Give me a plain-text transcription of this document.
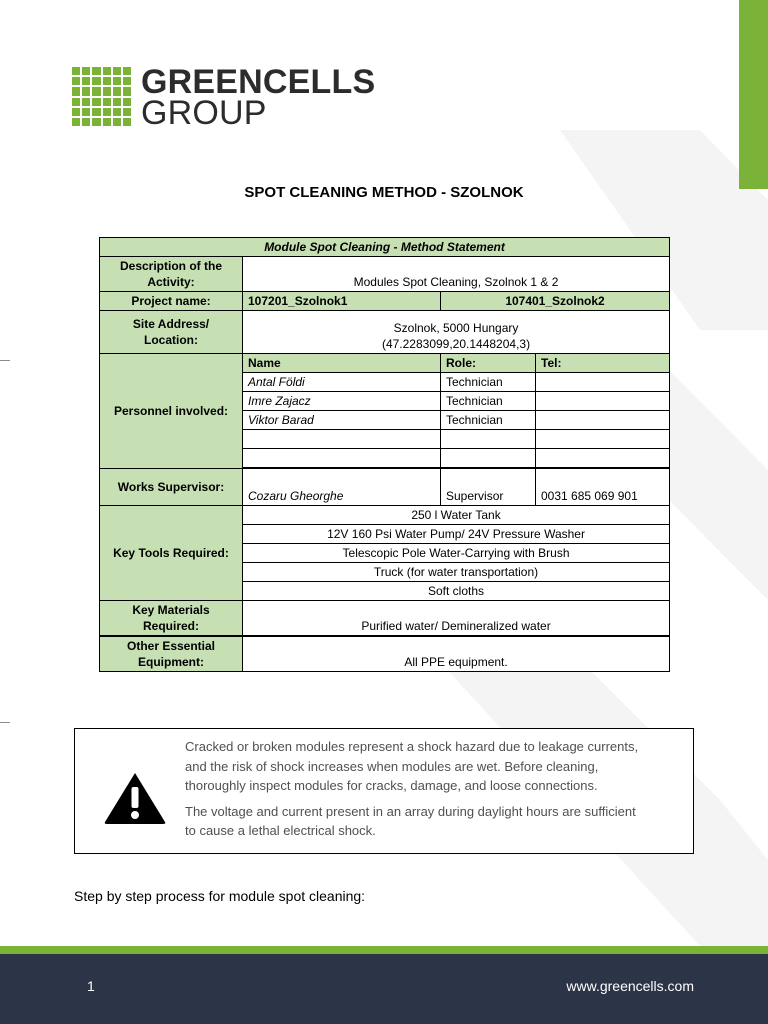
GREENCELLS
GROUP
SPOT CLEANING METHOD - SZOLNOK
Module Spot Cleaning - Method Statement			
Description of the Activity:	Modules Spot Cleaning, Szolnok 1 & 2		
Project name:	107201_Szolnok1	107401_Szolnok2	
Site Address/ Location:	Szolnok, 5000 Hungary
(47.2283099,20.1448204,3)		

Personnel involved:	Name	Role:	Tel:
	Antal Földi	Technician	
	Imre Zajacz	Technician	
	Viktor Barad	Technician	

Works Supervisor:	Cozaru Gheorghe	Supervisor	0031 685 069 901
Key Tools Required:	250 l Water Tank		
	12V 160 Psi Water Pump/ 24V Pressure Washer		
	Telescopic Pole Water-Carrying with Brush		
	Truck (for water transportation)		
	Soft cloths		
Key Materials Required:	Purified water/ Demineralized water		
Other Essential Equipment:	All PPE equipment.		

Cracked or broken modules represent a shock hazard due to leakage currents,
and the risk of shock increases when modules are wet. Before cleaning,
thoroughly inspect modules for cracks, damage, and loose connections.

The voltage and current present in an array during daylight hours are sufficient
to cause a lethal electrical shock.

Step by step process for module spot cleaning:
1	www.greencells.com
